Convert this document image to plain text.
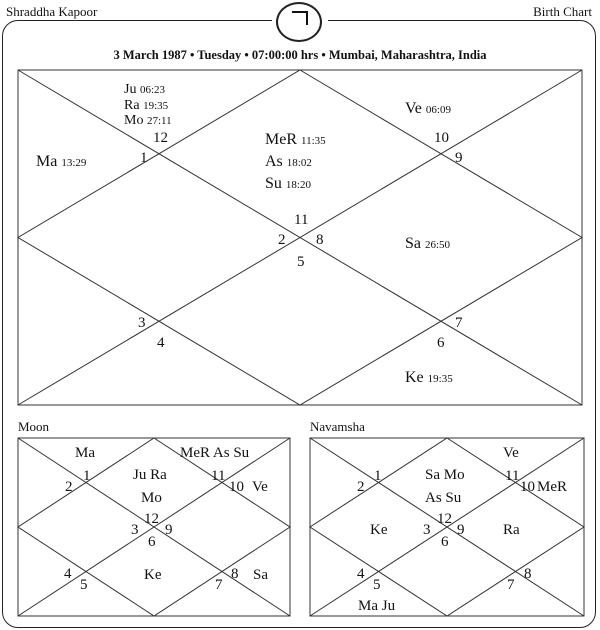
Shraddha Kapoor	Birth Chart
3 March 1987 • Tuesday • 07:00:00 hrs • Mumbai, Maharashtra, India
12
1
10
9
11
2 8
5
3
4
7
6
Ju 06:23
Ra 19:35
Mo 27:11
Ma 13:29
MeR 11:35
As 18:02
Su 18:20
Ve 06:09
Sa 26:50
Ke 19:35
Moon
Ma	MeR As Su
Ju Ra
Mo
Ve
Ke	Sa
1
2
11
10
12
3 9
6
4
5
8
7
Navamsha
Ve
Sa Mo
As Su
MeR
Ke	Ra
Ma Ju
1
2
11
10
12
3 9
6
4
5
8
7
